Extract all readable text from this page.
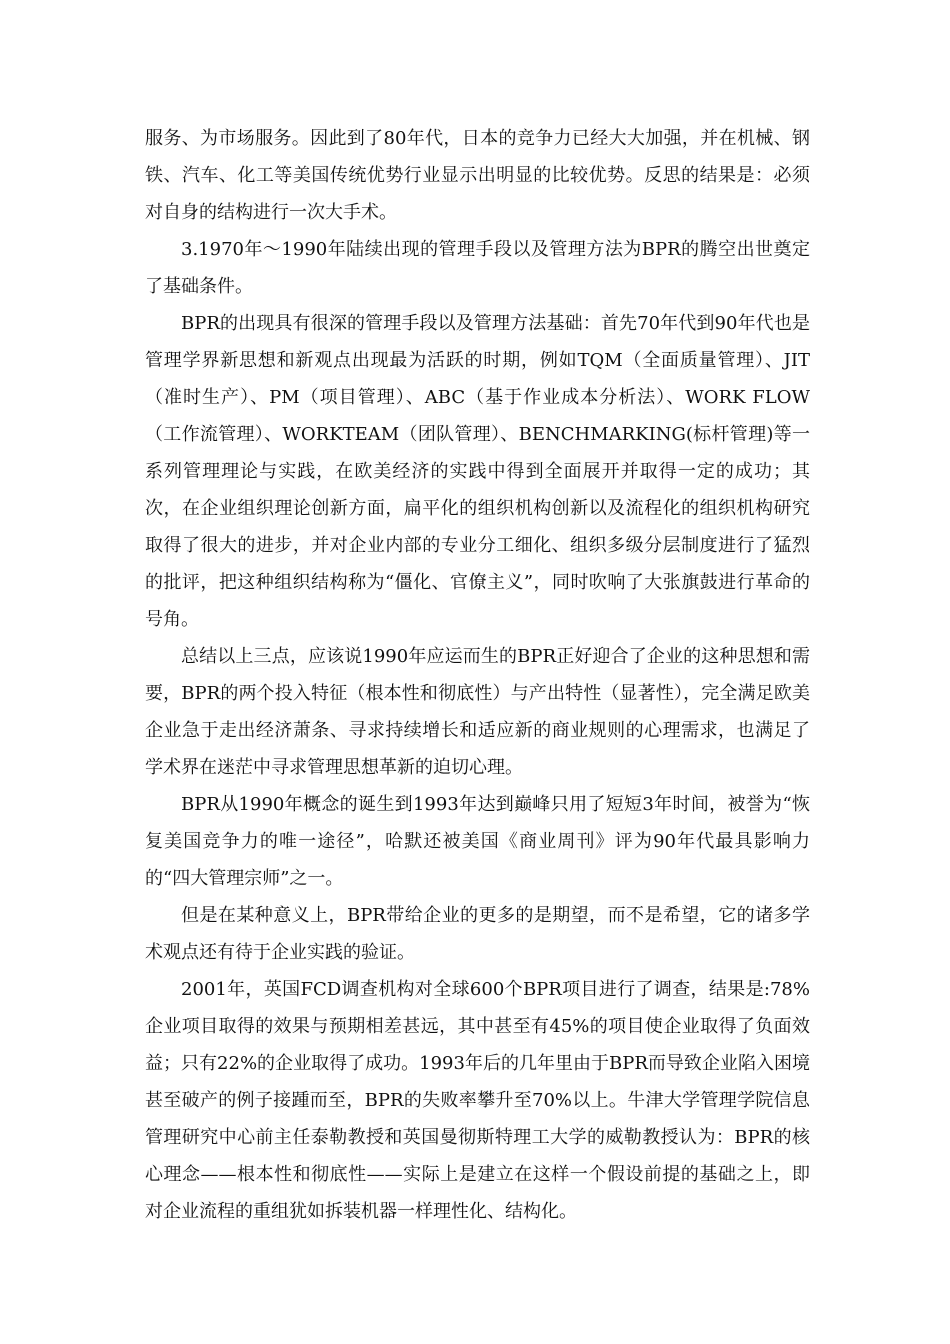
服务、为市场服务。因此到了80年代，日本的竞争力已经大大加强，并在机械、钢铁、汽车、化工等美国传统优势行业显示出明显的比较优势。反思的结果是：必须对自身的结构进行一次大手术。

3.1970年～1990年陆续出现的管理手段以及管理方法为BPR的腾空出世奠定了基础条件。

BPR的出现具有很深的管理手段以及管理方法基础：首先70年代到90年代也是管理学界新思想和新观点出现最为活跃的时期，例如TQM（全面质量管理）、JIT（准时生产）、PM（项目管理）、ABC（基于作业成本分析法）、WORK FLOW（工作流管理）、WORKTEAM（团队管理）、BENCHMARKING(标杆管理)等一系列管理理论与实践，在欧美经济的实践中得到全面展开并取得一定的成功；其次，在企业组织理论创新方面，扁平化的组织机构创新以及流程化的组织机构研究取得了很大的进步，并对企业内部的专业分工细化、组织多级分层制度进行了猛烈的批评，把这种组织结构称为“僵化、官僚主义”，同时吹响了大张旗鼓进行革命的号角。

总结以上三点，应该说1990年应运而生的BPR正好迎合了企业的这种思想和需要，BPR的两个投入特征（根本性和彻底性）与产出特性（显著性），完全满足欧美企业急于走出经济萧条、寻求持续增长和适应新的商业规则的心理需求，也满足了学术界在迷茫中寻求管理思想革新的迫切心理。

BPR从1990年概念的诞生到1993年达到巅峰只用了短短3年时间，被誉为“恢复美国竞争力的唯一途径”，哈默还被美国《商业周刊》评为90年代最具影响力的“四大管理宗师”之一。

但是在某种意义上，BPR带给企业的更多的是期望，而不是希望，它的诸多学术观点还有待于企业实践的验证。

2001年，英国FCD调查机构对全球600个BPR项目进行了调查，结果是:78%企业项目取得的效果与预期相差甚远，其中甚至有45%的项目使企业取得了负面效益；只有22%的企业取得了成功。1993年后的几年里由于BPR而导致企业陷入困境甚至破产的例子接踵而至，BPR的失败率攀升至70%以上。牛津大学管理学院信息管理研究中心前主任泰勒教授和英国曼彻斯特理工大学的威勒教授认为：BPR的核心理念——根本性和彻底性——实际上是建立在这样一个假设前提的基础之上，即对企业流程的重组犹如拆装机器一样理性化、结构化。
